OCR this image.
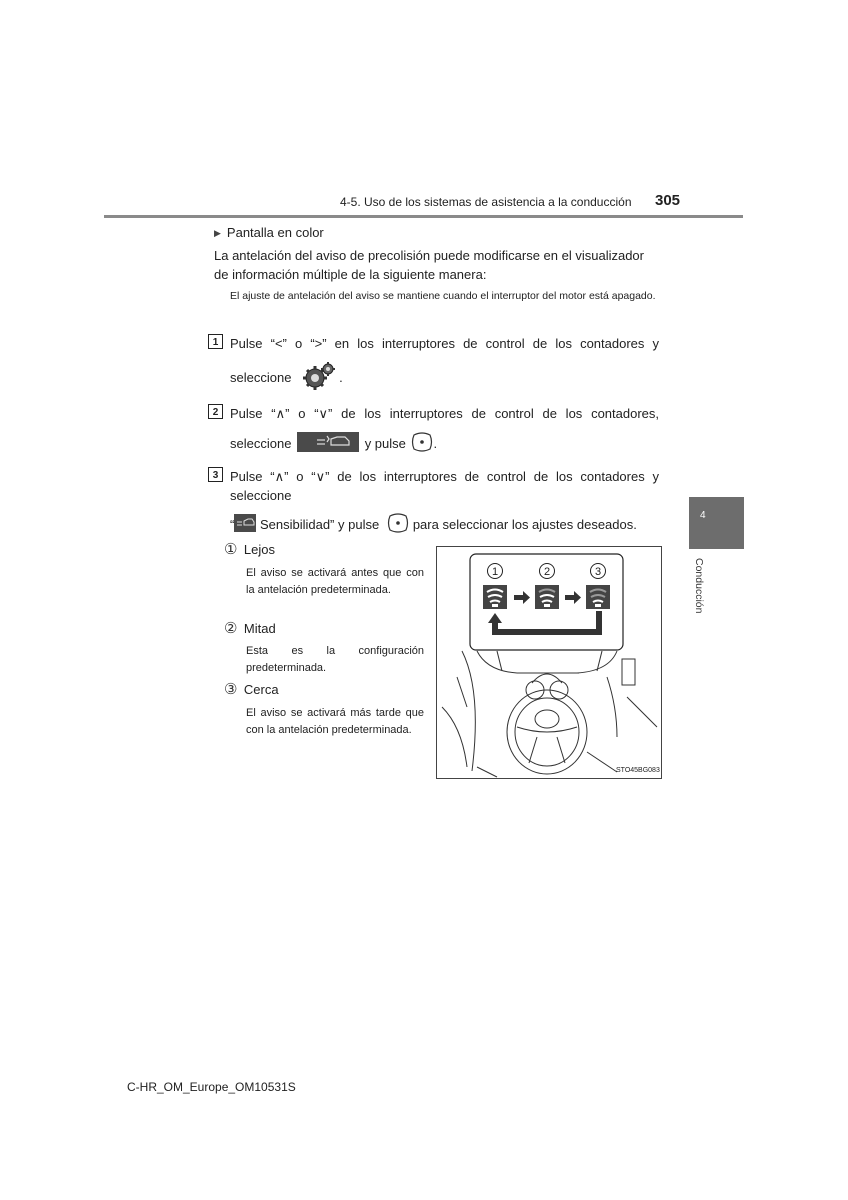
4-5. Uso de los sistemas de asistencia a la conducción 305
4
Conducción
▶ Pantalla en color
La antelación del aviso de precolisión puede modificarse en el visualizador
de información múltiple de la siguiente manera:
El ajuste de antelación del aviso se mantiene cuando el interruptor del motor está apagado.
1 Pulse “<” o “>” en los interruptores de control de los contadores y
seleccione	.
2 Pulse “∧” o “∨” de los interruptores de control de los contadores,
seleccione	y pulse .
3 Pulse “∧” o “∨” de los interruptores de control de los contadores y
seleccione
“ Sensibilidad” y pulse	para seleccionar los ajustes deseados.
① Lejos
El aviso se activará antes que con la antelación predeterminada.
② Mitad
Esta es la configuración predeterminada.
③ Cerca
El aviso se activará más tarde que con la antelación predeterminada.
1	2	3
STO45BG083
C-HR_OM_Europe_OM10531S
